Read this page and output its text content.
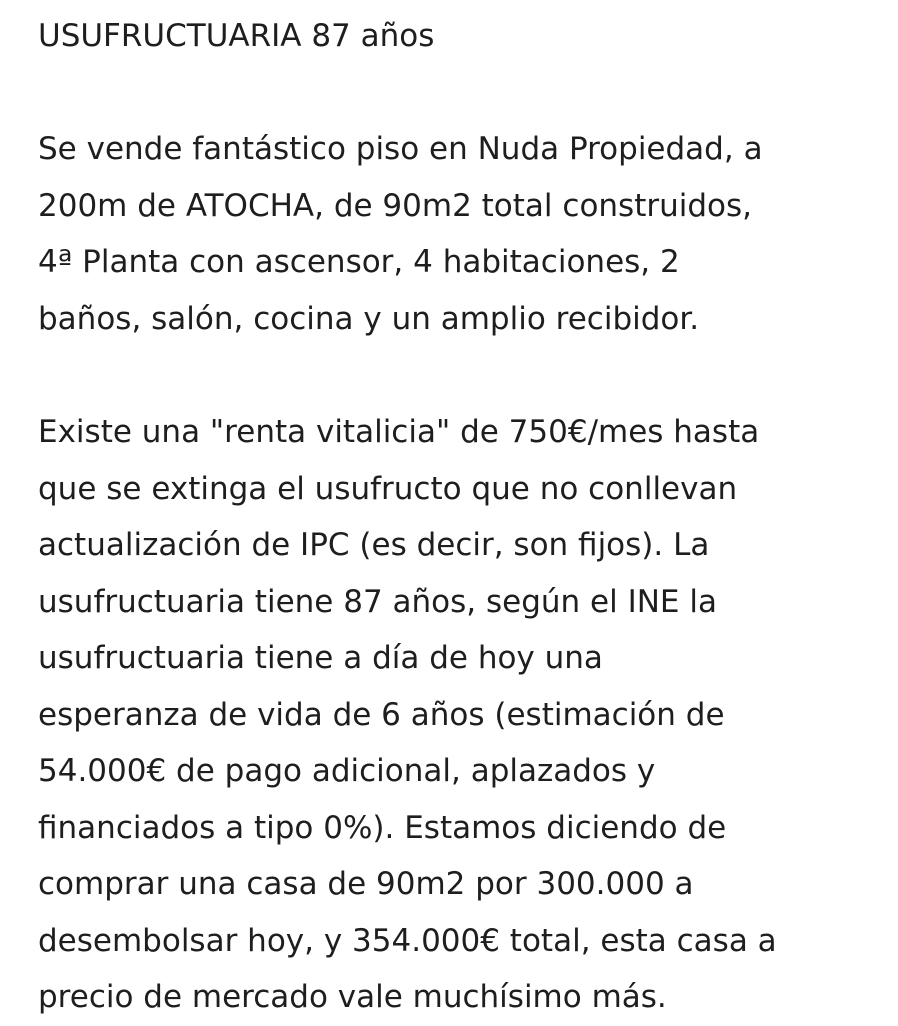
USUFRUCTUARIA 87 años
Se vende fantástico piso en Nuda Propiedad, a
200m de ATOCHA, de 90m2 total construidos,
4ª Planta con ascensor, 4 habitaciones, 2
baños, salón, cocina y un amplio recibidor.
Existe una "renta vitalicia" de 750€/mes hasta
que se extinga el usufructo que no conllevan
actualización de IPC (es decir, son fijos). La
usufructuaria tiene 87 años, según el INE la
usufructuaria tiene a día de hoy una
esperanza de vida de 6 años (estimación de
54.000€ de pago adicional, aplazados y
financiados a tipo 0%). Estamos diciendo de
comprar una casa de 90m2 por 300.000 a
desembolsar hoy, y 354.000€ total, esta casa a
precio de mercado vale muchísimo más.
